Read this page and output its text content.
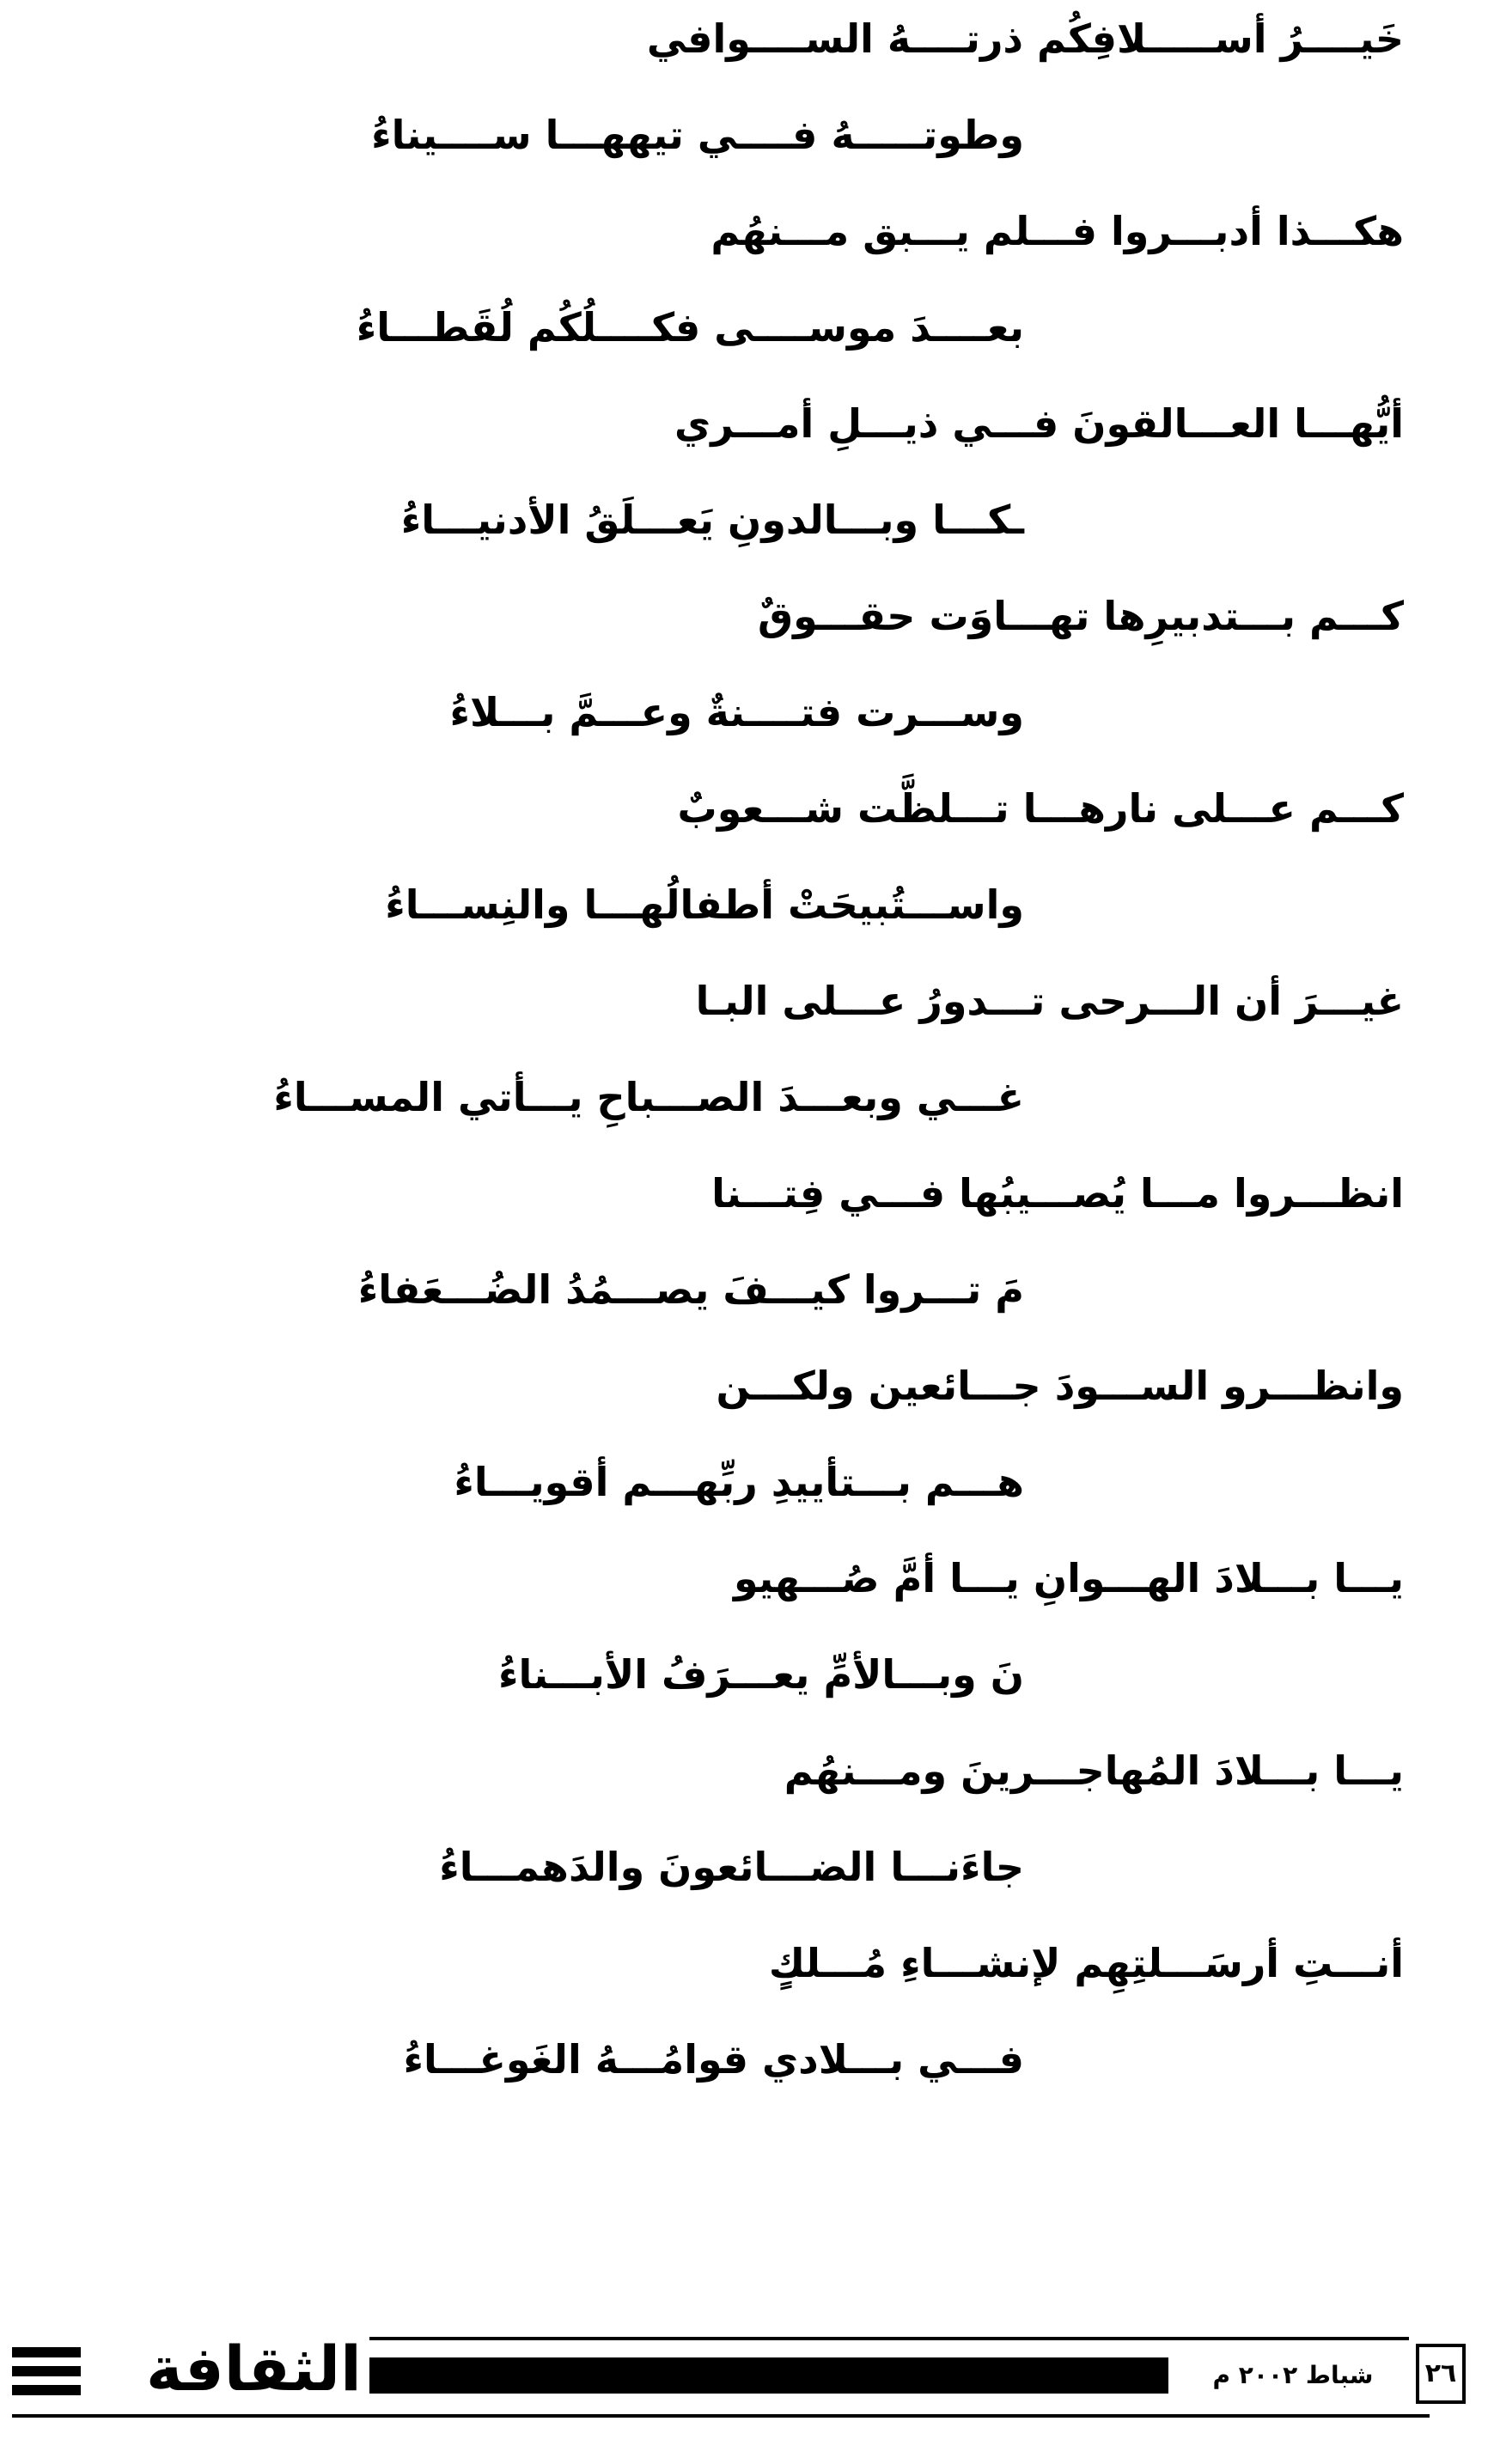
خَيــــرُ أســـــلافِكُم ذرتــــهُ الســــوافي
وطوتـــــهُ فــــي تيههـــا ســــيناءُ
هكـــذا أدبـــروا فـــلم يـــبق مـــنهُم
بعــــدَ موســــى فكــــلُكُم لُقَطـــاءُ
أيُّهـــا العـــالقونَ فـــي ذيـــلِ أمـــري
ـكـــا وبـــالدونِ يَعـــلَقُ الأدنيـــاءُ
كـــم بـــتدبيرِها تهـــاوَت حقـــوقٌ
وســـرت فتــــنةٌ وعـــمَّ بـــلاءُ
كـــم عـــلى نارهـــا تـــلظَّت شـــعوبٌ
واســـتُبيحَتْ أطفالُهـــا والنِســـاءُ
غيـــرَ أن الـــرحى تـــدورُ عـــلى البـا
غـــي وبعـــدَ الصـــباحِ يـــأتي المســـاءُ
انظـــروا مـــا يُصـــيبُها فـــي فِتـــنا
مَ تـــروا كيـــفَ يصـــمُدُ الضُـــعَفاءُ
وانظـــرو الســـودَ جـــائعين ولكـــن
هـــم بـــتأييدِ ربِّهـــم أقويـــاءُ
يـــا بـــلادَ الهـــوانِ يـــا أمَّ صُـــهيو
نَ وبـــالأمِّ يعـــرَفُ الأبـــناءُ
يـــا بـــلادَ المُهاجـــرينَ ومـــنهُم
جاءَنـــا الضـــائعونَ والدَهمـــاءُ
أنـــتِ أرسَـــلتِهِم لإنشـــاءِ مُـــلكٍ
فـــي بـــلادي قوامُـــهُ الغَوغـــاءُ
الثقافة	شباط ٢٠٠٢ م	٢٦
